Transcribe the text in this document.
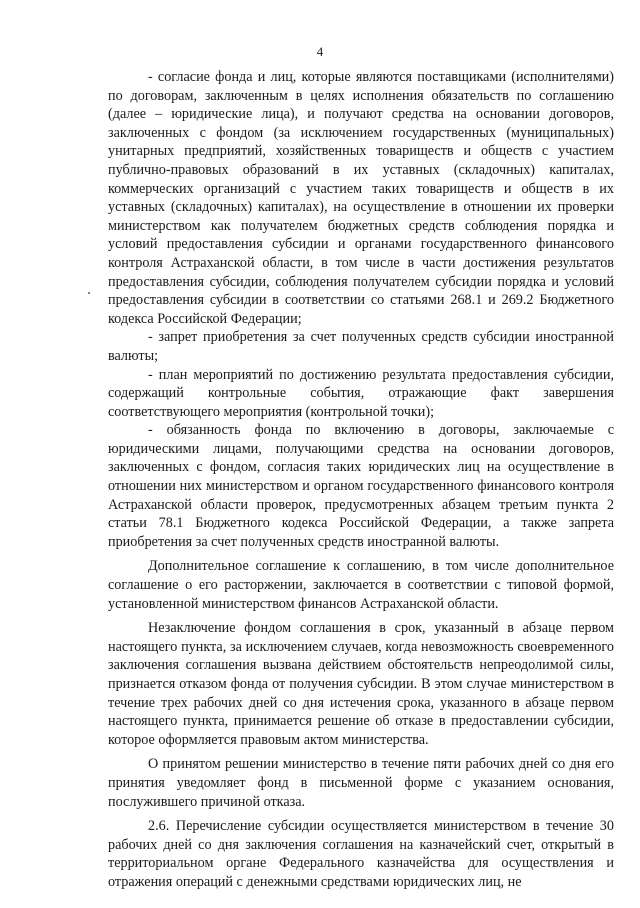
4

- согласие фонда и лиц, которые являются поставщиками (исполнителями) по договорам, заключенным в целях исполнения обязательств по соглашению (далее – юридические лица), и получают средства на основании договоров, заключенных с фондом (за исключением государственных (муниципальных) унитарных предприятий, хозяйственных товариществ и обществ с участием публично-правовых образований в их уставных (складочных) капиталах, коммерческих организаций с участием таких товариществ и обществ в их уставных (складочных) капиталах), на осуществление в отношении их проверки министерством как получателем бюджетных средств соблюдения порядка и условий предоставления субсидии и органами государственного финансового контроля Астраханской области, в том числе в части достижения результатов предоставления субсидии, соблюдения получателем субсидии порядка и условий предоставления субсидии в соответствии со статьями 268.1 и 269.2 Бюджетного кодекса Российской Федерации;

- запрет приобретения за счет полученных средств субсидии иностранной валюты;

- план мероприятий по достижению результата предоставления субсидии, содержащий контрольные события, отражающие факт завершения соответствующего мероприятия (контрольной точки);

- обязанность фонда по включению в договоры, заключаемые с юридическими лицами, получающими средства на основании договоров, заключенных с фондом, согласия таких юридических лиц на осуществление в отношении них министерством и органом государственного финансового контроля Астраханской области проверок, предусмотренных абзацем третьим пункта 2 статьи 78.1 Бюджетного кодекса Российской Федерации, а также запрета приобретения за счет полученных средств иностранной валюты.

Дополнительное соглашение к соглашению, в том числе дополнительное соглашение о его расторжении, заключается в соответствии с типовой формой, установленной министерством финансов Астраханской области.

Незаключение фондом соглашения в срок, указанный в абзаце первом настоящего пункта, за исключением случаев, когда невозможность своевременного заключения соглашения вызвана действием обстоятельств непреодолимой силы, признается отказом фонда от получения субсидии. В этом случае министерством в течение трех рабочих дней со дня истечения срока, указанного в абзаце первом настоящего пункта, принимается решение об отказе в предоставлении субсидии, которое оформляется правовым актом министерства.

О принятом решении министерство в течение пяти рабочих дней со дня его принятия уведомляет фонд в письменной форме с указанием основания, послужившего причиной отказа.

2.6. Перечисление субсидии осуществляется министерством в течение 30 рабочих дней со дня заключения соглашения на казначейский счет, открытый в территориальном органе Федерального казначейства для осуществления и отражения операций с денежными средствами юридических лиц, не
